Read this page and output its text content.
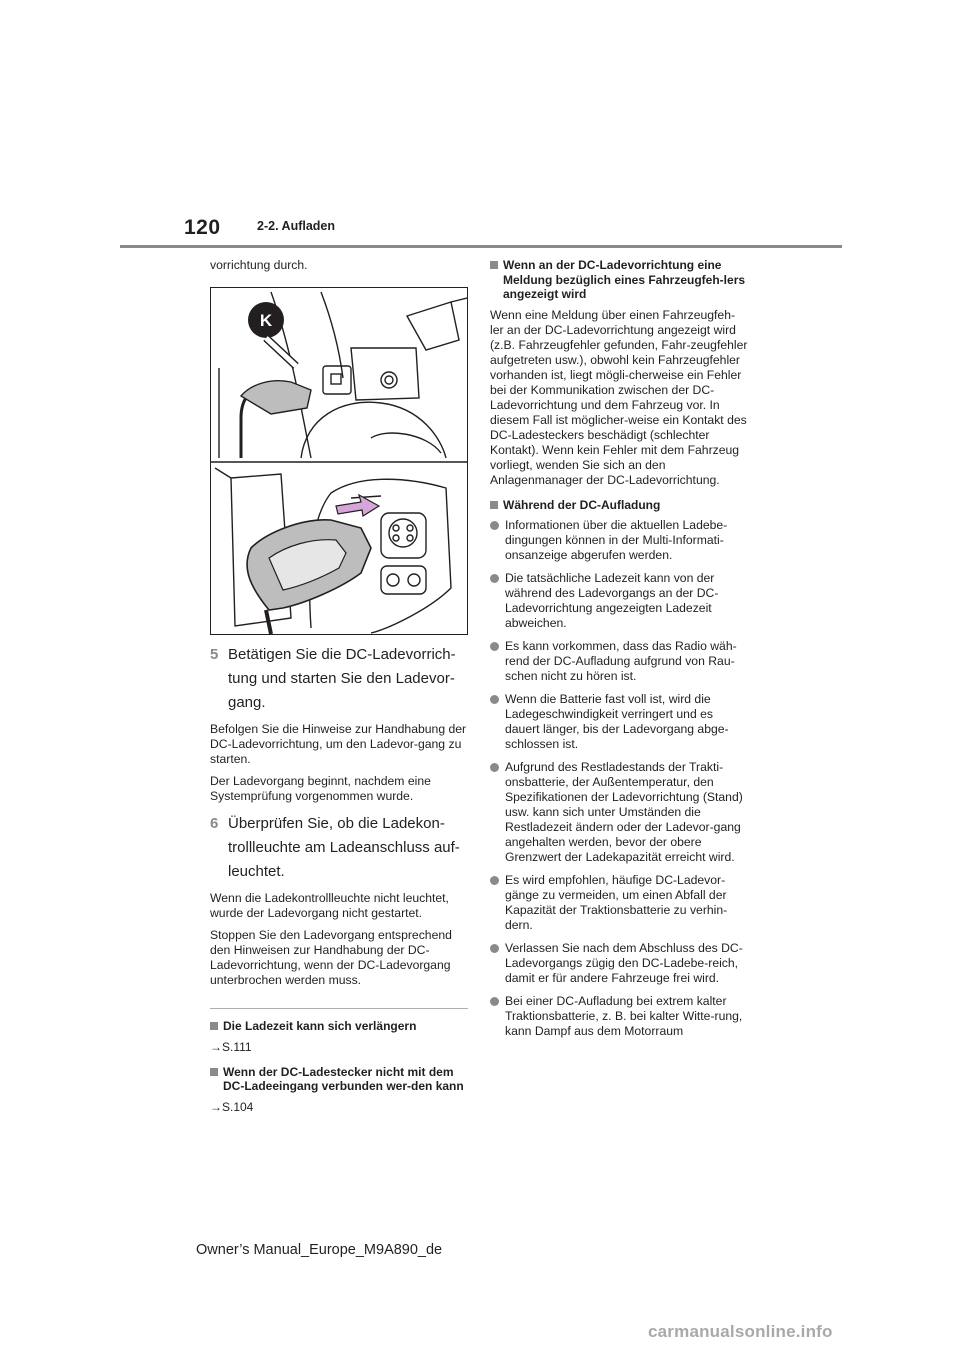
120	2-2. Aufladen

vorrichtung durch.

K
5 Betätigen Sie die DC-Ladevorrich-tung und starten Sie den Ladevor-gang.

Befolgen Sie die Hinweise zur Handhabung der DC-Ladevorrichtung, um den Ladevor-gang zu starten.

Der Ladevorgang beginnt, nachdem eine Systemprüfung vorgenommen wurde.

6 Überprüfen Sie, ob die Ladekon-trollleuchte am Ladeanschluss auf-leuchtet.

Wenn die Ladekontrollleuchte nicht leuchtet, wurde der Ladevorgang nicht gestartet.

Stoppen Sie den Ladevorgang entsprechend den Hinweisen zur Handhabung der DC-Ladevorrichtung, wenn der DC-Ladevorgang unterbrochen werden muss.

Die Ladezeit kann sich verlängern

→S.111

Wenn der DC-Ladestecker nicht mit dem DC-Ladeeingang verbunden wer-den kann

→S.104

Wenn an der DC-Ladevorrichtung eine Meldung bezüglich eines Fahrzeugfeh-lers angezeigt wird

Wenn eine Meldung über einen Fahrzeugfeh-ler an der DC-Ladevorrichtung angezeigt wird (z.B. Fahrzeugfehler gefunden, Fahr-zeugfehler aufgetreten usw.), obwohl kein Fahrzeugfehler vorhanden ist, liegt mögli-cherweise ein Fehler bei der Kommunikation zwischen der DC-Ladevorrichtung und dem Fahrzeug vor. In diesem Fall ist möglicher-weise ein Kontakt des DC-Ladesteckers beschädigt (schlechter Kontakt). Wenn kein Fehler mit dem Fahrzeug vorliegt, wenden Sie sich an den Anlagenmanager der DC-Ladevorrichtung.

Während der DC-Aufladung
Informationen über die aktuellen Ladebe-dingungen können in der Multi-Informati-onsanzeige abgerufen werden.
Die tatsächliche Ladezeit kann von der während des Ladevorgangs an der DC-Ladevorrichtung angezeigten Ladezeit abweichen.
Es kann vorkommen, dass das Radio wäh-rend der DC-Aufladung aufgrund von Rau-schen nicht zu hören ist.
Wenn die Batterie fast voll ist, wird die Ladegeschwindigkeit verringert und es dauert länger, bis der Ladevorgang abge-schlossen ist.
Aufgrund des Restladestands der Trakti-onsbatterie, der Außentemperatur, den Spezifikationen der Ladevorrichtung (Stand) usw. kann sich unter Umständen die Restladezeit ändern oder der Ladevor-gang angehalten werden, bevor der obere Grenzwert der Ladekapazität erreicht wird.
Es wird empfohlen, häufige DC-Ladevor-gänge zu vermeiden, um einen Abfall der Kapazität der Traktionsbatterie zu verhin-dern.
Verlassen Sie nach dem Abschluss des DC-Ladevorgangs zügig den DC-Ladebe-reich, damit er für andere Fahrzeuge frei wird.
Bei einer DC-Aufladung bei extrem kalter Traktionsbatterie, z. B. bei kalter Witte-rung, kann Dampf aus dem Motorraum
Owner’s Manual_Europe_M9A890_de
carmanualsonline.info
